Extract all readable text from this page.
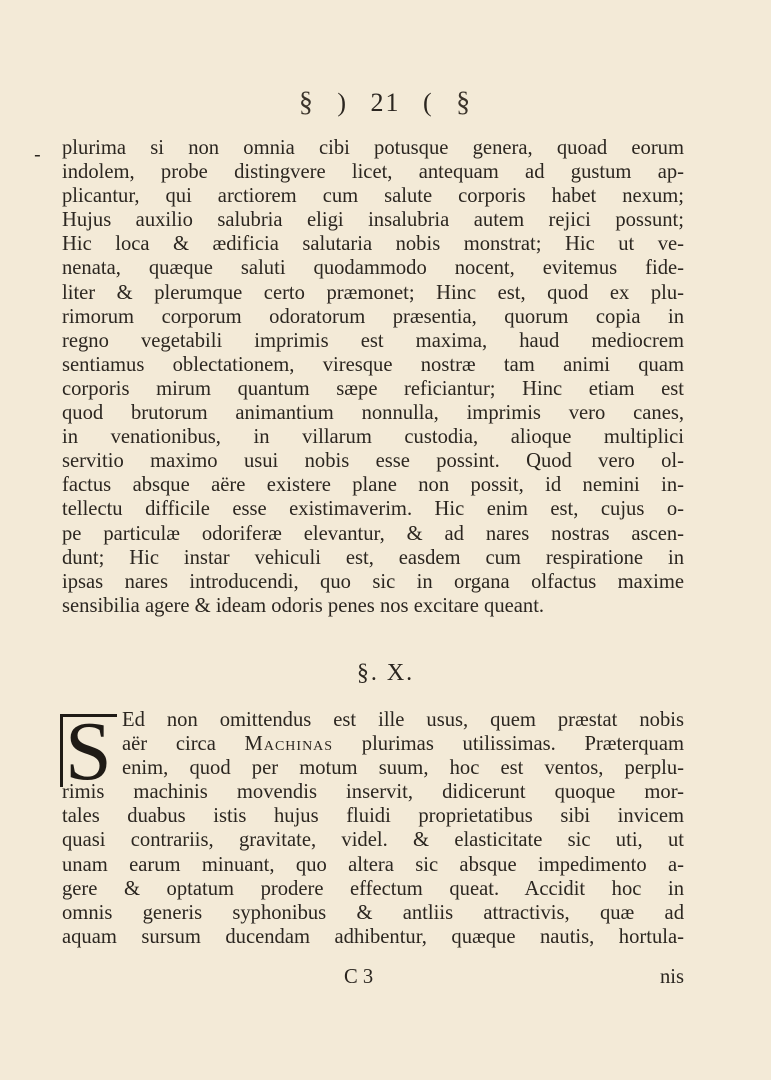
§ ) 21 ( §
- plurima si non omnia cibi potusque genera, quoad eorum
indolem, probe distingvere licet, antequam ad gustum ap-
plicantur, qui arctiorem cum salute corporis habet nexum;
Hujus auxilio salubria eligi insalubria autem rejici possunt;
Hic loca & ædificia salutaria nobis monstrat; Hic ut ve-
nenata, quæque saluti quodammodo nocent, evitemus fide-
liter & plerumque certo præmonet; Hinc est, quod ex plu-
rimorum corporum odoratorum præsentia, quorum copia in
regno vegetabili imprimis est maxima, haud mediocrem
sentiamus oblectationem, viresque nostræ tam animi quam
corporis mirum quantum sæpe reficiantur; Hinc etiam est
quod brutorum animantium nonnulla, imprimis vero canes,
in venationibus, in villarum custodia, alioque multiplici
servitio maximo usui nobis esse possint. Quod vero ol-
factus absque aëre existere plane non possit, id nemini in-
tellectu difficile esse existimaverim. Hic enim est, cujus o-
pe particulæ odoriferæ elevantur, & ad nares nostras ascen-
dunt; Hic instar vehiculi est, easdem cum respiratione in
ipsas nares introducendi, quo sic in organa olfactus maxime
sensibilia agere & ideam odoris penes nos excitare queant.
§. X.
S Ed non omittendus est ille usus, quem præstat nobis
aër circa Machinas plurimas utilissimas. Præterquam
enim, quod per motum suum, hoc est ventos, perplu-
rimis machinis movendis inservit, didicerunt quoque mor-
tales duabus istis hujus fluidi proprietatibus sibi invicem
quasi contrariis, gravitate, videl. & elasticitate sic uti, ut
unam earum minuant, quo altera sic absque impedimento a-
gere & optatum prodere effectum queat. Accidit hoc in
omnis generis syphonibus & antliis attractivis, quæ ad
aquam sursum ducendam adhibentur, quæque nautis, hortula-
C 3	nis
